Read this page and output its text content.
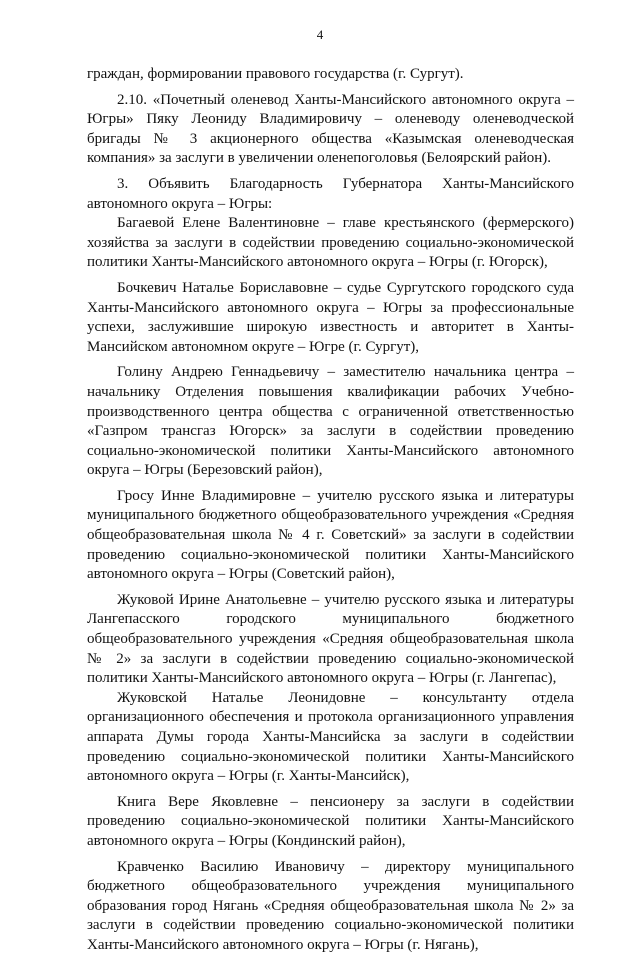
4

граждан, формировании правового государства (г. Сургут).

2.10. «Почетный оленевод Ханты-Мансийского автономного округа – Югры» Пяку Леониду Владимировичу – оленеводу оленеводческой бригады № 3 акционерного общества «Казымская оленеводческая компания» за заслуги в увеличении оленепоголовья (Белоярский район).

3. Объявить Благодарность Губернатора Ханты-Мансийского автономного округа – Югры:

Багаевой Елене Валентиновне – главе крестьянского (фермерского) хозяйства за заслуги в содействии проведению социально-экономической политики Ханты-Мансийского автономного округа – Югры (г. Югорск),

Бочкевич Наталье Бориславовне – судье Сургутского городского суда Ханты-Мансийского автономного округа – Югры за профессиональные успехи, заслужившие широкую известность и авторитет в Ханты-Мансийском автономном округе – Югре (г. Сургут),

Голину Андрею Геннадьевичу – заместителю начальника центра – начальнику Отделения повышения квалификации рабочих Учебно-производственного центра общества с ограниченной ответственностью «Газпром трансгаз Югорск» за заслуги в содействии проведению социально-экономической политики Ханты-Мансийского автономного округа – Югры (Березовский район),

Гросу Инне Владимировне – учителю русского языка и литературы муниципального бюджетного общеобразовательного учреждения «Средняя общеобразовательная школа № 4 г. Советский» за заслуги в содействии проведению социально-экономической политики Ханты-Мансийского автономного округа – Югры (Советский район),

Жуковой Ирине Анатольевне – учителю русского языка и литературы Лангепасского городского муниципального бюджетного общеобразовательного учреждения «Средняя общеобразовательная школа № 2» за заслуги в содействии проведению социально-экономической политики Ханты-Мансийского автономного округа – Югры (г. Лангепас),

Жуковской Наталье Леонидовне – консультанту отдела организационного обеспечения и протокола организационного управления аппарата Думы города Ханты-Мансийска за заслуги в содействии проведению социально-экономической политики Ханты-Мансийского автономного округа – Югры (г. Ханты-Мансийск),

Книга Вере Яковлевне – пенсионеру за заслуги в содействии проведению социально-экономической политики Ханты-Мансийского автономного округа – Югры (Кондинский район),

Кравченко Василию Ивановичу – директору муниципального бюджетного общеобразовательного учреждения муниципального образования город Нягань «Средняя общеобразовательная школа № 2» за заслуги в содействии проведению социально-экономической политики Ханты-Мансийского автономного округа – Югры (г. Нягань),
